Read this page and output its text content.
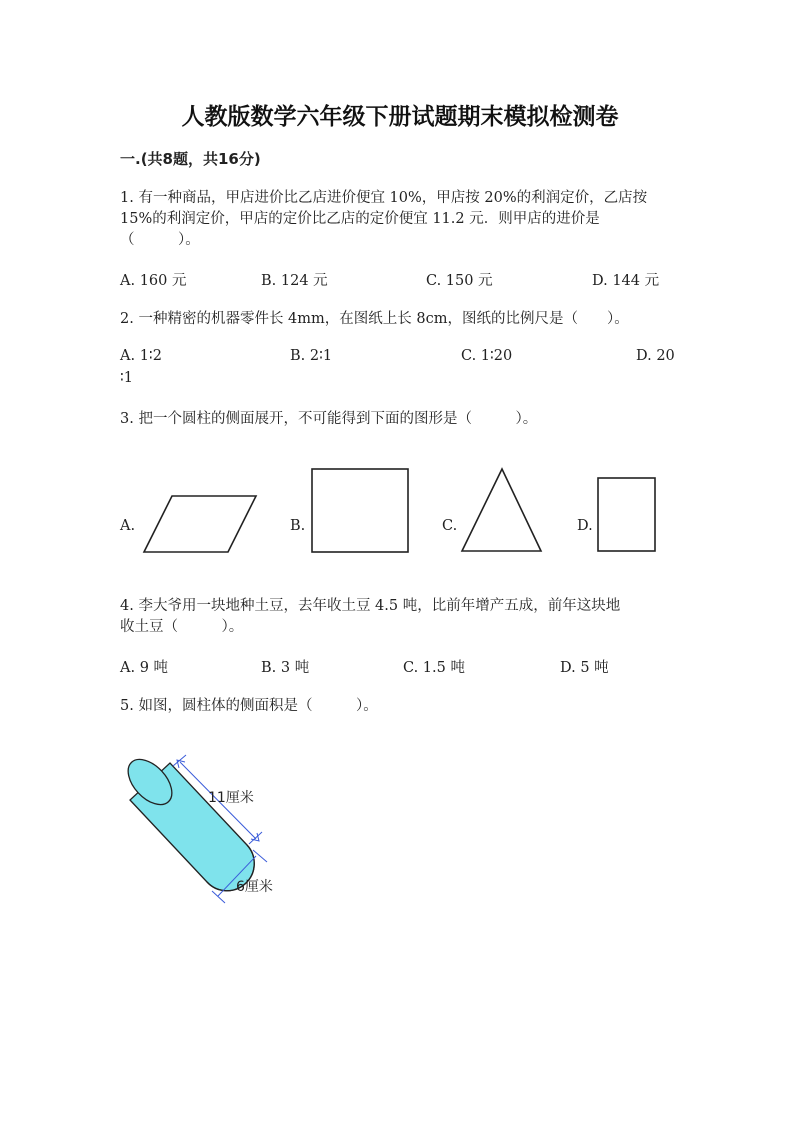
人教版数学六年级下册试题期末模拟检测卷
一.(共8题，共16分)
1. 有一种商品，甲店进价比乙店进价便宜 10%，甲店按 20%的利润定价，乙店按
15%的利润定价，甲店的定价比乙店的定价便宜 11.2 元．则甲店的进价是
（　　　）。
A. 160 元	B. 124 元	C. 150 元	D. 144 元
2. 一种精密的机器零件长 4mm，在图纸上长 8cm，图纸的比例尺是（　　）。
A. 1∶2	B. 2∶1	C. 1∶20	D. 20
∶1
3. 把一个圆柱的侧面展开，不可能得到下面的图形是（　　　）。
A.	B.	C.	D.
4. 李大爷用一块地种土豆，去年收土豆 4.5 吨，比前年增产五成，前年这块地
收土豆（　　　）。
A. 9 吨	B. 3 吨	C. 1.5 吨	D. 5 吨
5. 如图，圆柱体的侧面积是（　　　）。
11厘米
6厘米
